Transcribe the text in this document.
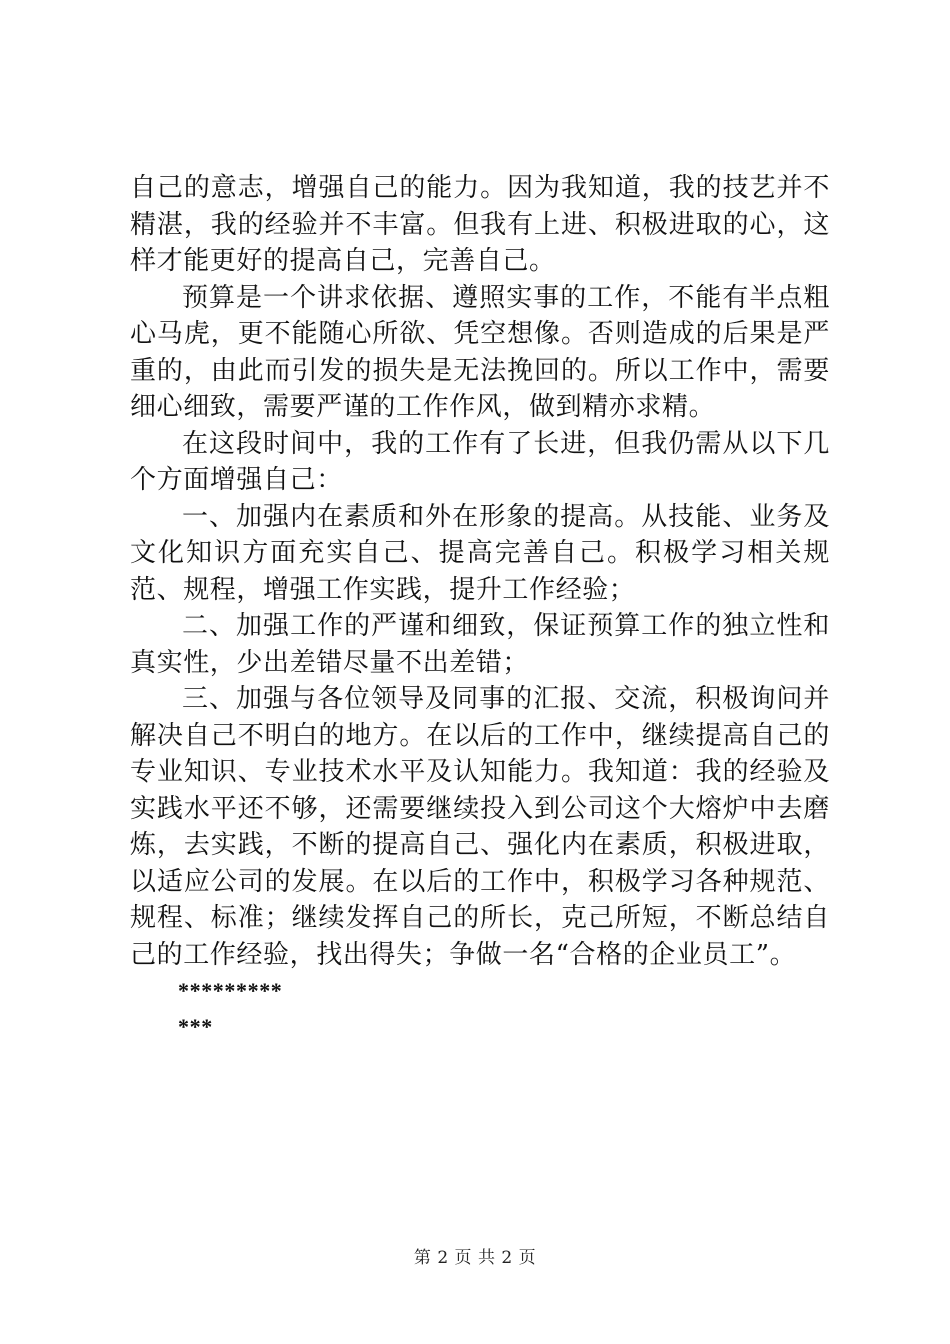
自己的意志，增强自己的能力。因为我知道，我的技艺并不精湛，我的经验并不丰富。但我有上进、积极进取的心，这样才能更好的提高自己，完善自己。

预算是一个讲求依据、遵照实事的工作，不能有半点粗心马虎，更不能随心所欲、凭空想像。否则造成的后果是严重的，由此而引发的损失是无法挽回的。所以工作中，需要细心细致，需要严谨的工作作风，做到精亦求精。

在这段时间中，我的工作有了长进，但我仍需从以下几个方面增强自己：

一、加强内在素质和外在形象的提高。从技能、业务及文化知识方面充实自己、提高完善自己。积极学习相关规范、规程，增强工作实践，提升工作经验；

二、加强工作的严谨和细致，保证预算工作的独立性和真实性，少出差错尽量不出差错；

三、加强与各位领导及同事的汇报、交流，积极询问并解决自己不明白的地方。在以后的工作中，继续提高自己的专业知识、专业技术水平及认知能力。我知道：我的经验及实践水平还不够，还需要继续投入到公司这个大熔炉中去磨炼，去实践，不断的提高自己、强化内在素质，积极进取，以适应公司的发展。在以后的工作中，积极学习各种规范、规程、标准；继续发挥自己的所长，克己所短，不断总结自己的工作经验，找出得失；争做一名“合格的企业员工”。

*********

***

第 2 页 共 2 页
